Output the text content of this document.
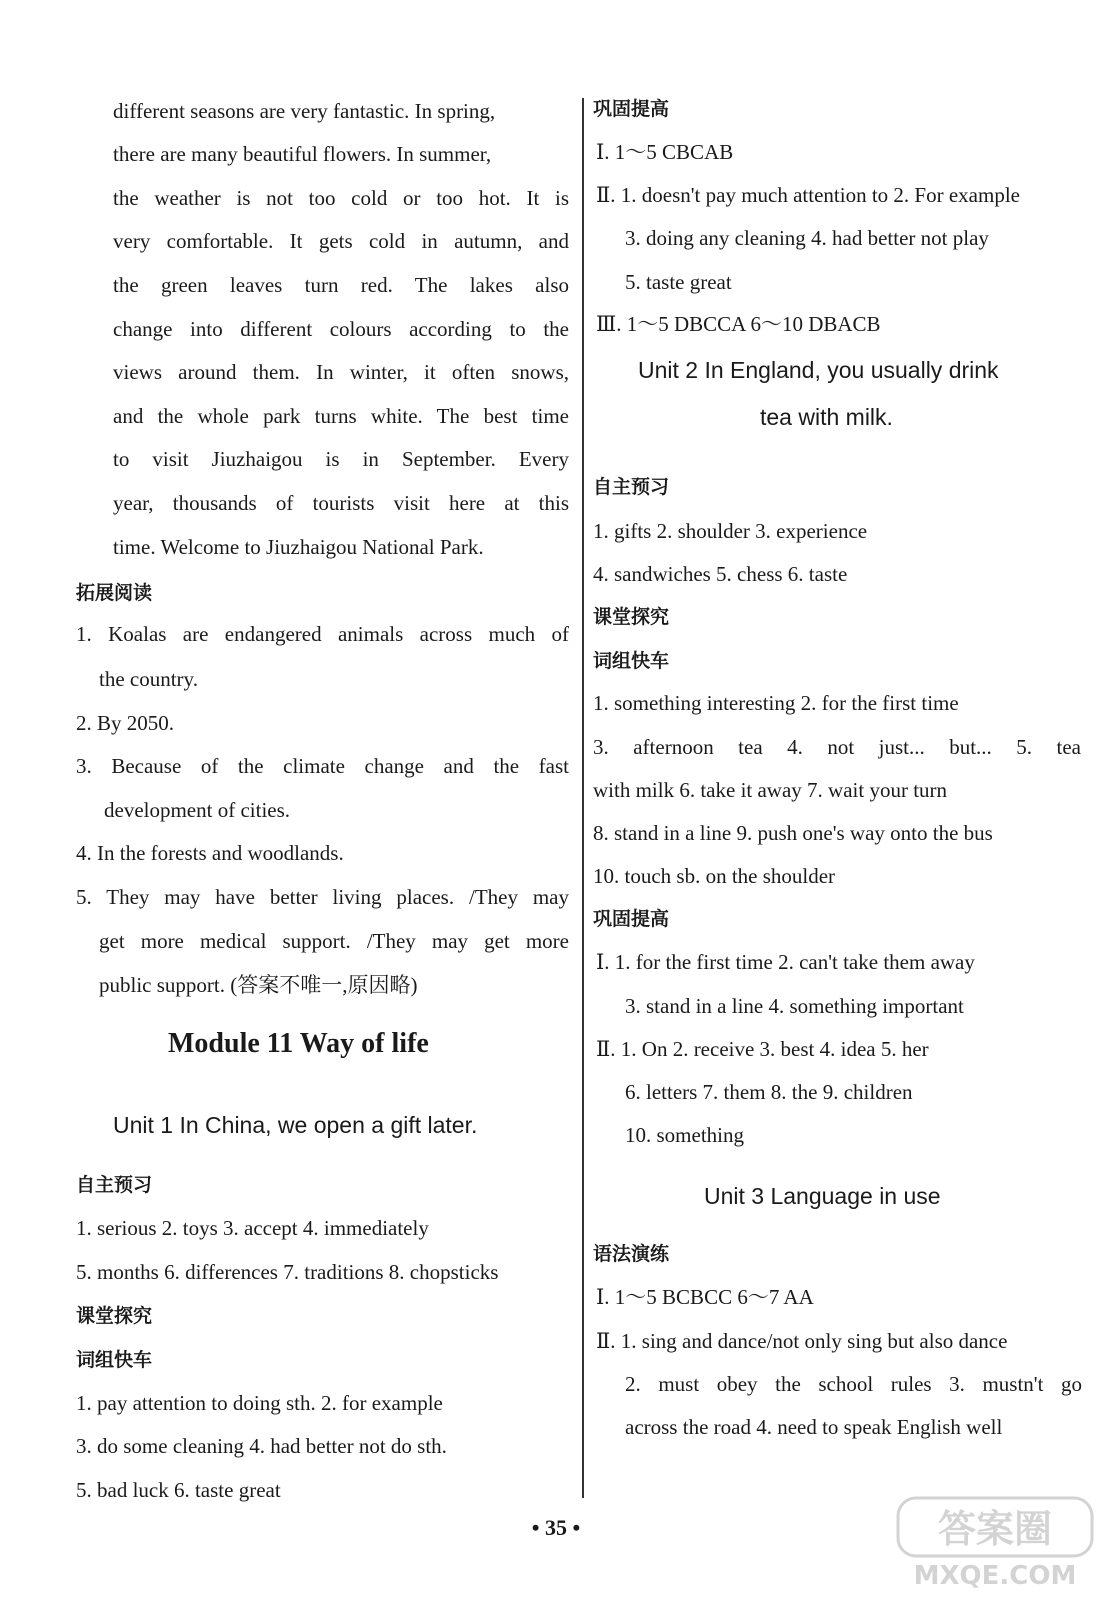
different seasons are very fantastic. In spring,
there are many beautiful flowers. In summer,
the weather is not too cold or too hot. It is
very comfortable. It gets cold in autumn, and
the green leaves turn red. The lakes also
change into different colours according to the
views around them. In winter, it often snows,
and the whole park turns white. The best time
to visit Jiuzhaigou is in September. Every
year, thousands of tourists visit here at this
time. Welcome to Jiuzhaigou National Park.
拓展阅读
1. Koalas are endangered animals across much of
the country.
2. By 2050.
3. Because of the climate change and the fast
development of cities.
4. In the forests and woodlands.
5. They may have better living places. /They may
get more medical support. /They may get more
public support. (答案不唯一,原因略)
Module 11 Way of life
Unit 1 In China, we open a gift later.
自主预习
1. serious 2. toys 3. accept 4. immediately
5. months 6. differences 7. traditions 8. chopsticks
课堂探究
词组快车
1. pay attention to doing sth. 2. for example
3. do some cleaning 4. had better not do sth.
5. bad luck 6. taste great
巩固提高
Ⅰ. 1～5 CBCAB
Ⅱ. 1. doesn't pay much attention to 2. For example
3. doing any cleaning 4. had better not play
5. taste great
Ⅲ. 1～5 DBCCA 6～10 DBACB
Unit 2 In England, you usually drink
tea with milk.
自主预习
1. gifts 2. shoulder 3. experience
4. sandwiches 5. chess 6. taste
课堂探究
词组快车
1. something interesting 2. for the first time
3. afternoon tea 4. not just... but... 5. tea
with milk 6. take it away 7. wait your turn
8. stand in a line 9. push one's way onto the bus
10. touch sb. on the shoulder
巩固提高
Ⅰ. 1. for the first time 2. can't take them away
3. stand in a line 4. something important
Ⅱ. 1. On 2. receive 3. best 4. idea 5. her
6. letters 7. them 8. the 9. children
10. something
Unit 3 Language in use
语法演练
Ⅰ. 1～5 BCBCC 6～7 AA
Ⅱ. 1. sing and dance/not only sing but also dance
2. must obey the school rules 3. mustn't go
across the road 4. need to speak English well
• 35 •	答案圈
MXQE.COM
